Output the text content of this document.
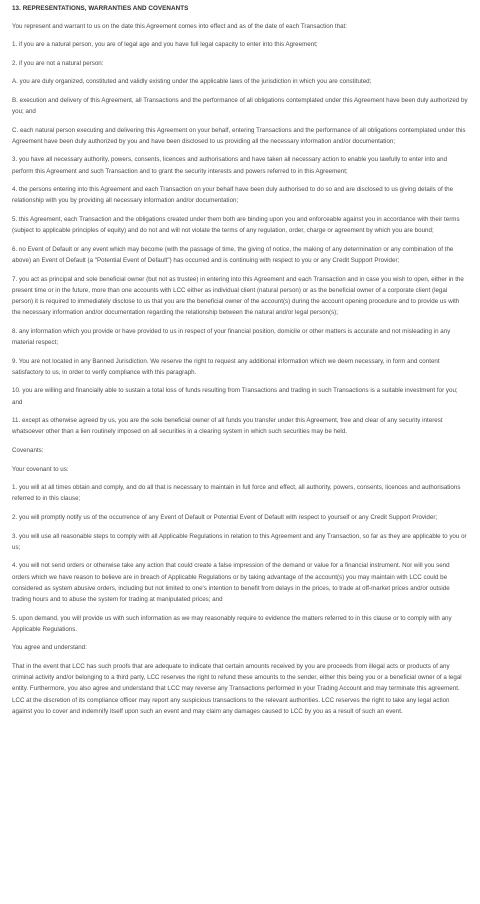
13. REPRESENTATIONS, WARRANTIES AND COVENANTS

You represent and warrant to us on the date this Agreement comes into effect and as of the date of each Transaction that:

1. if you are a natural person, you are of legal age and you have full legal capacity to enter into this Agreement;

2. if you are not a natural person:

A. you are duly organized, constituted and validly existing under the applicable laws of the jurisdiction in which you are constituted;

B. execution and delivery of this Agreement, all Transactions and the performance of all obligations contemplated under this Agreement have been duly authorized by you; and

C. each natural person executing and delivering this Agreement on your behalf, entering Transactions and the performance of all obligations contemplated under this Agreement have been duly authorized by you and have been disclosed to us providing all the necessary information and/or documentation;

3. you have all necessary authority, powers, consents, licences and authorisations and have taken all necessary action to enable you lawfully to enter into and perform this Agreement and such Transaction and to grant the security interests and powers referred to in this Agreement;

4. the persons entering into this Agreement and each Transaction on your behalf have been duly authorised to do so and are disclosed to us giving details of the relationship with you by providing all necessary information and/or documentation;

5. this Agreement, each Transaction and the obligations created under them both are binding upon you and enforceable against you in accordance with their terms (subject to applicable principles of equity) and do not and will not violate the terms of any regulation, order, charge or agreement by which you are bound;

6. no Event of Default or any event which may become (with the passage of time, the giving of notice, the making of any determination or any combination of the above) an Event of Default (a "Potential Event of Default") has occurred and is continuing with respect to you or any Credit Support Provider;

7. you act as principal and sole beneficial owner (but not as trustee) in entering into this Agreement and each Transaction and in case you wish to open, either in the present time or in the future, more than one accounts with LCC either as individual client (natural person) or as the beneficial owner of a corporate client (legal person) it is required to immediately disclose to us that you are the beneficial owner of the account(s) during the account opening procedure and to provide us with the necessary information and/or documentation regarding the relationship between the natural and/or legal person(s);

8. any information which you provide or have provided to us in respect of your financial position, domicile or other matters is accurate and not misleading in any material respect;

9. You are not located in any Banned Jurisdiction. We reserve the right to request any additional information which we deem necessary, in form and content satisfactory to us, in order to verify compliance with this paragraph.

10. you are willing and financially able to sustain a total loss of funds resulting from Transactions and trading in such Transactions is a suitable investment for you; and

11. except as otherwise agreed by us, you are the sole beneficial owner of all funds you transfer under this Agreement, free and clear of any security interest whatsoever other than a lien routinely imposed on all securities in a clearing system in which such securities may be held.

Covenants:

Your covenant to us:

1. you will at all times obtain and comply, and do all that is necessary to maintain in full force and effect, all authority, powers, consents, licences and authorisations referred to in this clause;

2. you will promptly notify us of the occurrence of any Event of Default or Potential Event of Default with respect to yourself or any Credit Support Provider;

3. you will use all reasonable steps to comply with all Applicable Regulations in relation to this Agreement and any Transaction, so far as they are applicable to you or us;

4. you will not send orders or otherwise take any action that could create a false impression of the demand or value for a financial instrument. Nor will you send orders which we have reason to believe are in breach of Applicable Regulations or by taking advantage of the account(s) you may maintain with LCC could be considered as system abusive orders, including but not limited to one's intention to benefit from delays in the prices, to trade at off-market prices and/or outside trading hours and to abuse the system for trading at manipulated prices; and

5. upon demand, you will provide us with such information as we may reasonably require to evidence the matters referred to in this clause or to comply with any Applicable Regulations.

You agree and understand:

That in the event that LCC has such proofs that are adequate to indicate that certain amounts received by you are proceeds from illegal acts or products of any criminal activity and/or belonging to a third party, LCC reserves the right to refund these amounts to the sender, either this being you or a beneficial owner of a legal entity. Furthermore, you also agree and understand that LCC may reverse any Transactions performed in your Trading Account and may terminate this agreement. LCC at the discretion of its compliance officer may report any suspicious transactions to the relevant authorities. LCC reserves the right to take any legal action against you to cover and indemnify itself upon such an event and may claim any damages caused to LCC by you as a result of such an event.
